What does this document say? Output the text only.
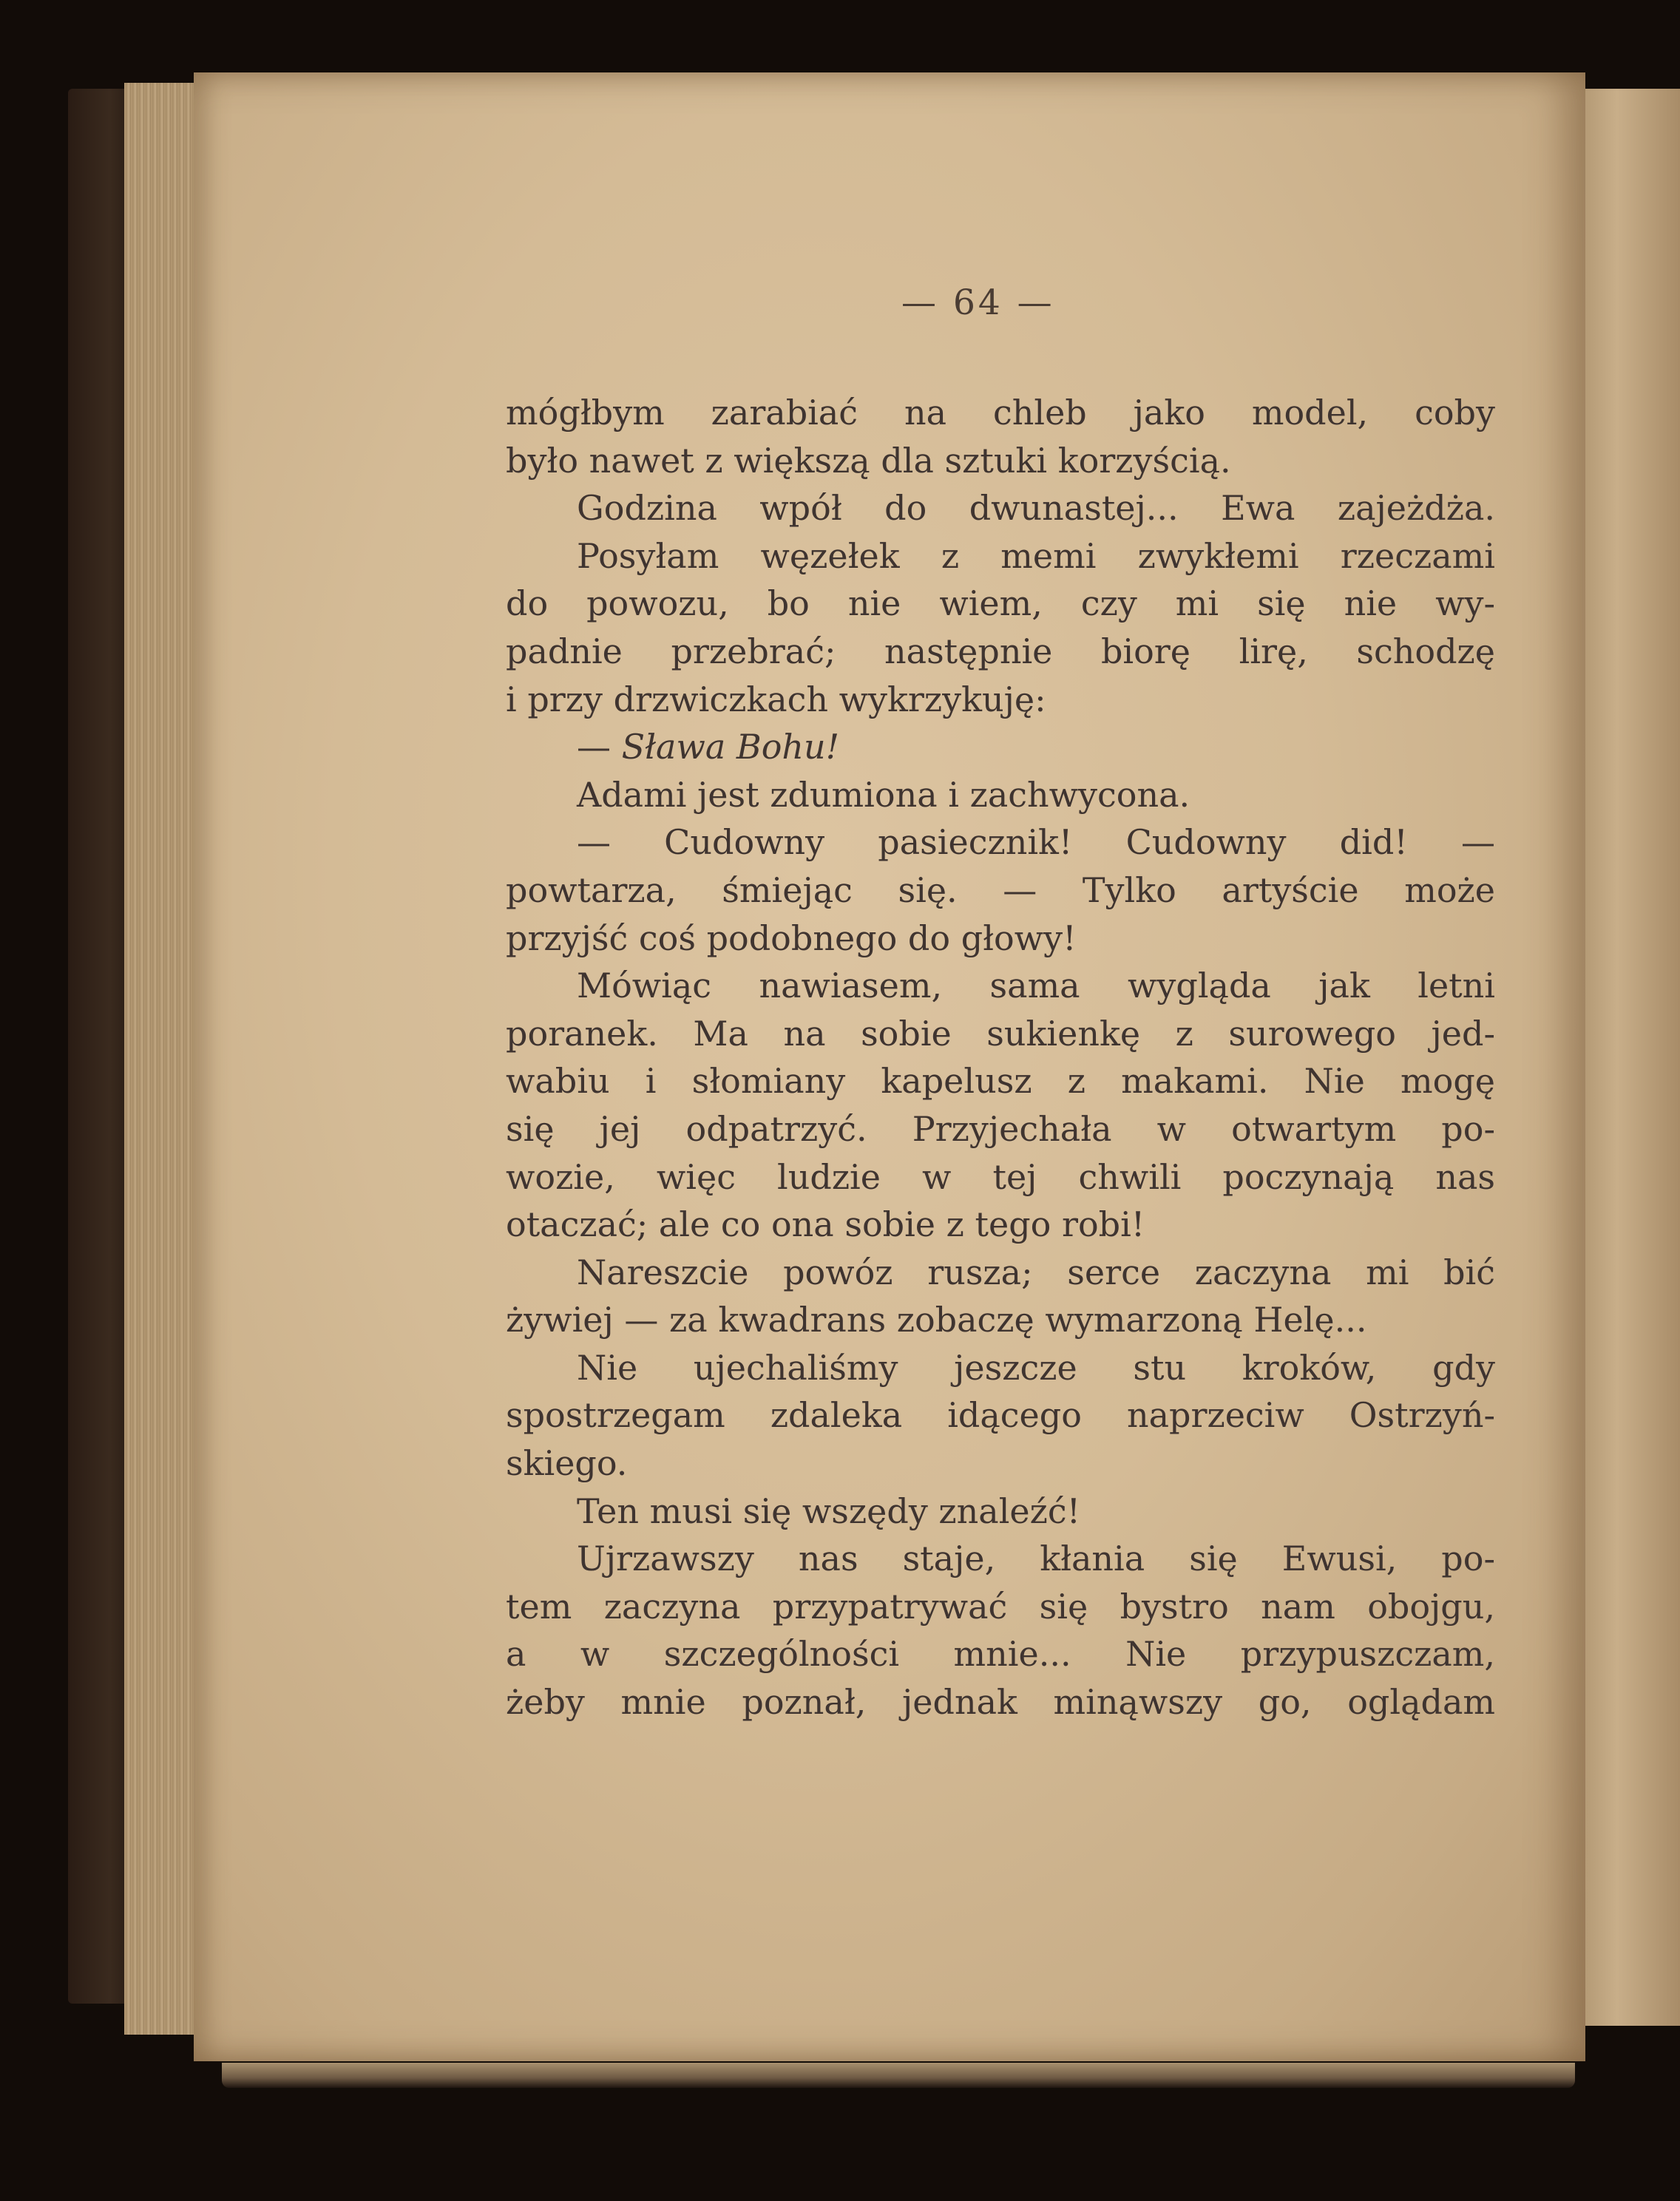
— 64 —
mógłbym zarabiać na chleb jako model, coby
było nawet z większą dla sztuki korzyścią.
Godzina wpół do dwunastej... Ewa zajeżdża.
Posyłam węzełek z memi zwykłemi rzeczami
do powozu, bo nie wiem, czy mi się nie wy-
padnie przebrać; następnie biorę lirę, schodzę
i przy drzwiczkach wykrzykuję:
— Sława Bohu!
Adami jest zdumiona i zachwycona.
— Cudowny pasiecznik! Cudowny did! —
powtarza, śmiejąc się. — Tylko artyście może
przyjść coś podobnego do głowy!
Mówiąc nawiasem, sama wygląda jak letni
poranek. Ma na sobie sukienkę z surowego jed-
wabiu i słomiany kapelusz z makami. Nie mogę
się jej odpatrzyć. Przyjechała w otwartym po-
wozie, więc ludzie w tej chwili poczynają nas
otaczać; ale co ona sobie z tego robi!
Nareszcie powóz rusza; serce zaczyna mi bić
żywiej — za kwadrans zobaczę wymarzoną Helę...
Nie ujechaliśmy jeszcze stu kroków, gdy
spostrzegam zdaleka idącego naprzeciw Ostrzyń-
skiego.
Ten musi się wszędy znaleźć!
Ujrzawszy nas staje, kłania się Ewusi, po-
tem zaczyna przypatrywać się bystro nam obojgu,
a w szczególności mnie... Nie przypuszczam,
żeby mnie poznał, jednak minąwszy go, oglądam
